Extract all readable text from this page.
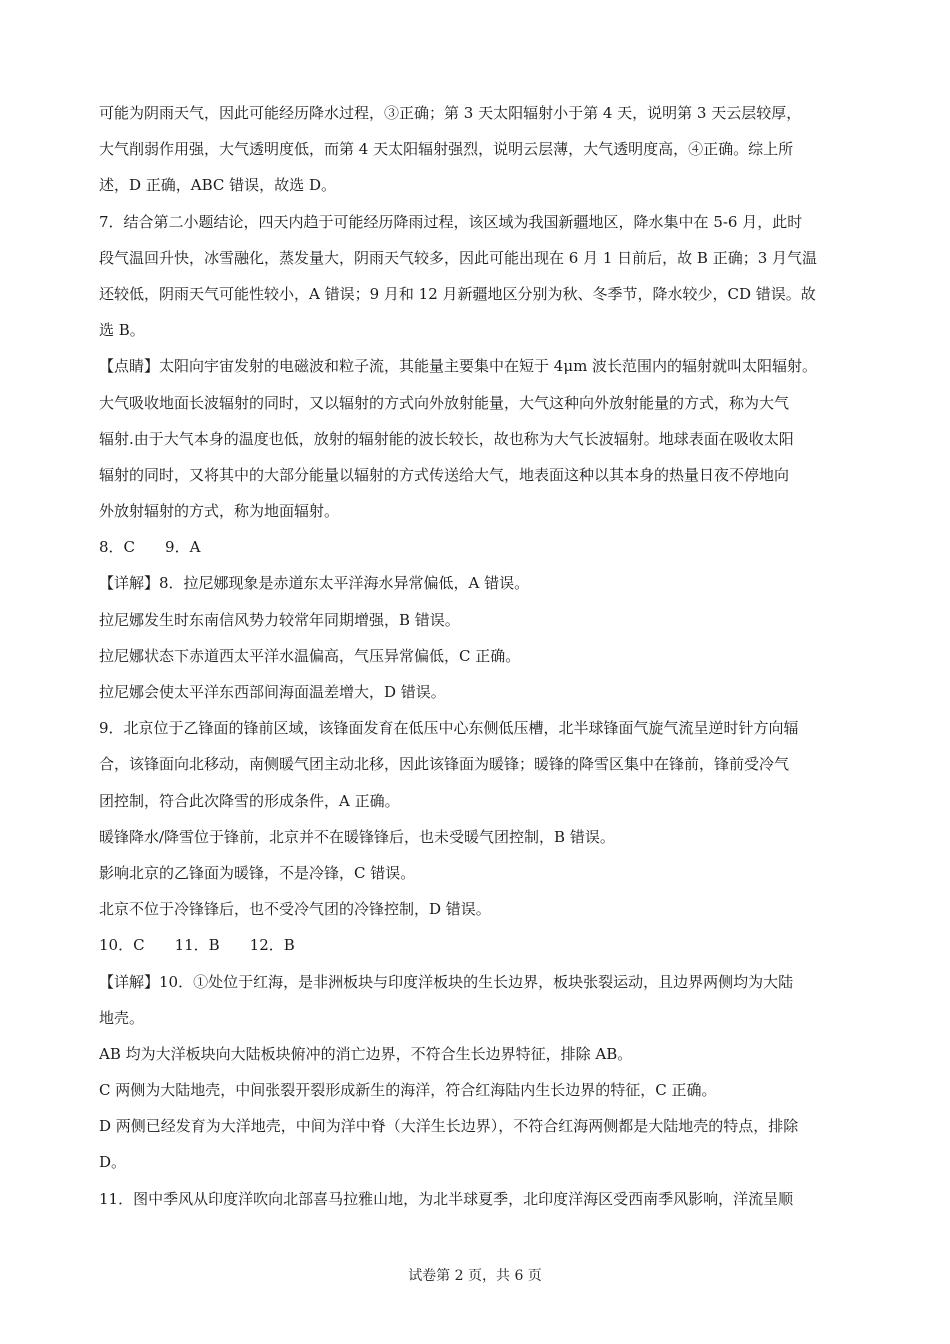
可能为阴雨天气，因此可能经历降水过程，③正确；第 3 天太阳辐射小于第 4 天，说明第 3 天云层较厚，
大气削弱作用强，大气透明度低，而第 4 天太阳辐射强烈，说明云层薄，大气透明度高，④正确。综上所
述，D 正确，ABC 错误，故选 D。
7．结合第二小题结论，四天内趋于可能经历降雨过程，该区域为我国新疆地区，降水集中在 5-6 月，此时
段气温回升快，冰雪融化，蒸发量大，阴雨天气较多，因此可能出现在 6 月 1 日前后，故 B 正确；3 月气温
还较低，阴雨天气可能性较小，A 错误；9 月和 12 月新疆地区分别为秋、冬季节，降水较少，CD 错误。故
选 B。
【点睛】太阳向宇宙发射的电磁波和粒子流，其能量主要集中在短于 4μm 波长范围内的辐射就叫太阳辐射。
大气吸收地面长波辐射的同时，又以辐射的方式向外放射能量，大气这种向外放射能量的方式，称为大气
辐射.由于大气本身的温度也低，放射的辐射能的波长较长，故也称为大气长波辐射。地球表面在吸收太阳
辐射的同时，又将其中的大部分能量以辐射的方式传送给大气，地表面这种以其本身的热量日夜不停地向
外放射辐射的方式，称为地面辐射。
8．C　　9．A
【详解】8．拉尼娜现象是赤道东太平洋海水异常偏低，A 错误。
拉尼娜发生时东南信风势力较常年同期增强，B 错误。
拉尼娜状态下赤道西太平洋水温偏高，气压异常偏低，C 正确。
拉尼娜会使太平洋东西部间海面温差增大，D 错误。
9．北京位于乙锋面的锋前区域，该锋面发育在低压中心东侧低压槽，北半球锋面气旋气流呈逆时针方向辐
合，该锋面向北移动，南侧暖气团主动北移，因此该锋面为暖锋；暖锋的降雪区集中在锋前，锋前受冷气
团控制，符合此次降雪的形成条件，A 正确。
暖锋降水/降雪位于锋前，北京并不在暖锋锋后，也未受暖气团控制，B 错误。
影响北京的乙锋面为暖锋，不是冷锋，C 错误。
北京不位于冷锋锋后，也不受冷气团的冷锋控制，D 错误。
10．C　　11．B　　12．B
【详解】10．①处位于红海，是非洲板块与印度洋板块的生长边界，板块张裂运动，且边界两侧均为大陆
地壳。
AB 均为大洋板块向大陆板块俯冲的消亡边界，不符合生长边界特征，排除 AB。
C 两侧为大陆地壳，中间张裂开裂形成新生的海洋，符合红海陆内生长边界的特征，C 正确。
D 两侧已经发育为大洋地壳，中间为洋中脊（大洋生长边界），不符合红海两侧都是大陆地壳的特点，排除
D。
11．图中季风从印度洋吹向北部喜马拉雅山地，为北半球夏季，北印度洋海区受西南季风影响，洋流呈顺
试卷第 2 页，共 6 页
